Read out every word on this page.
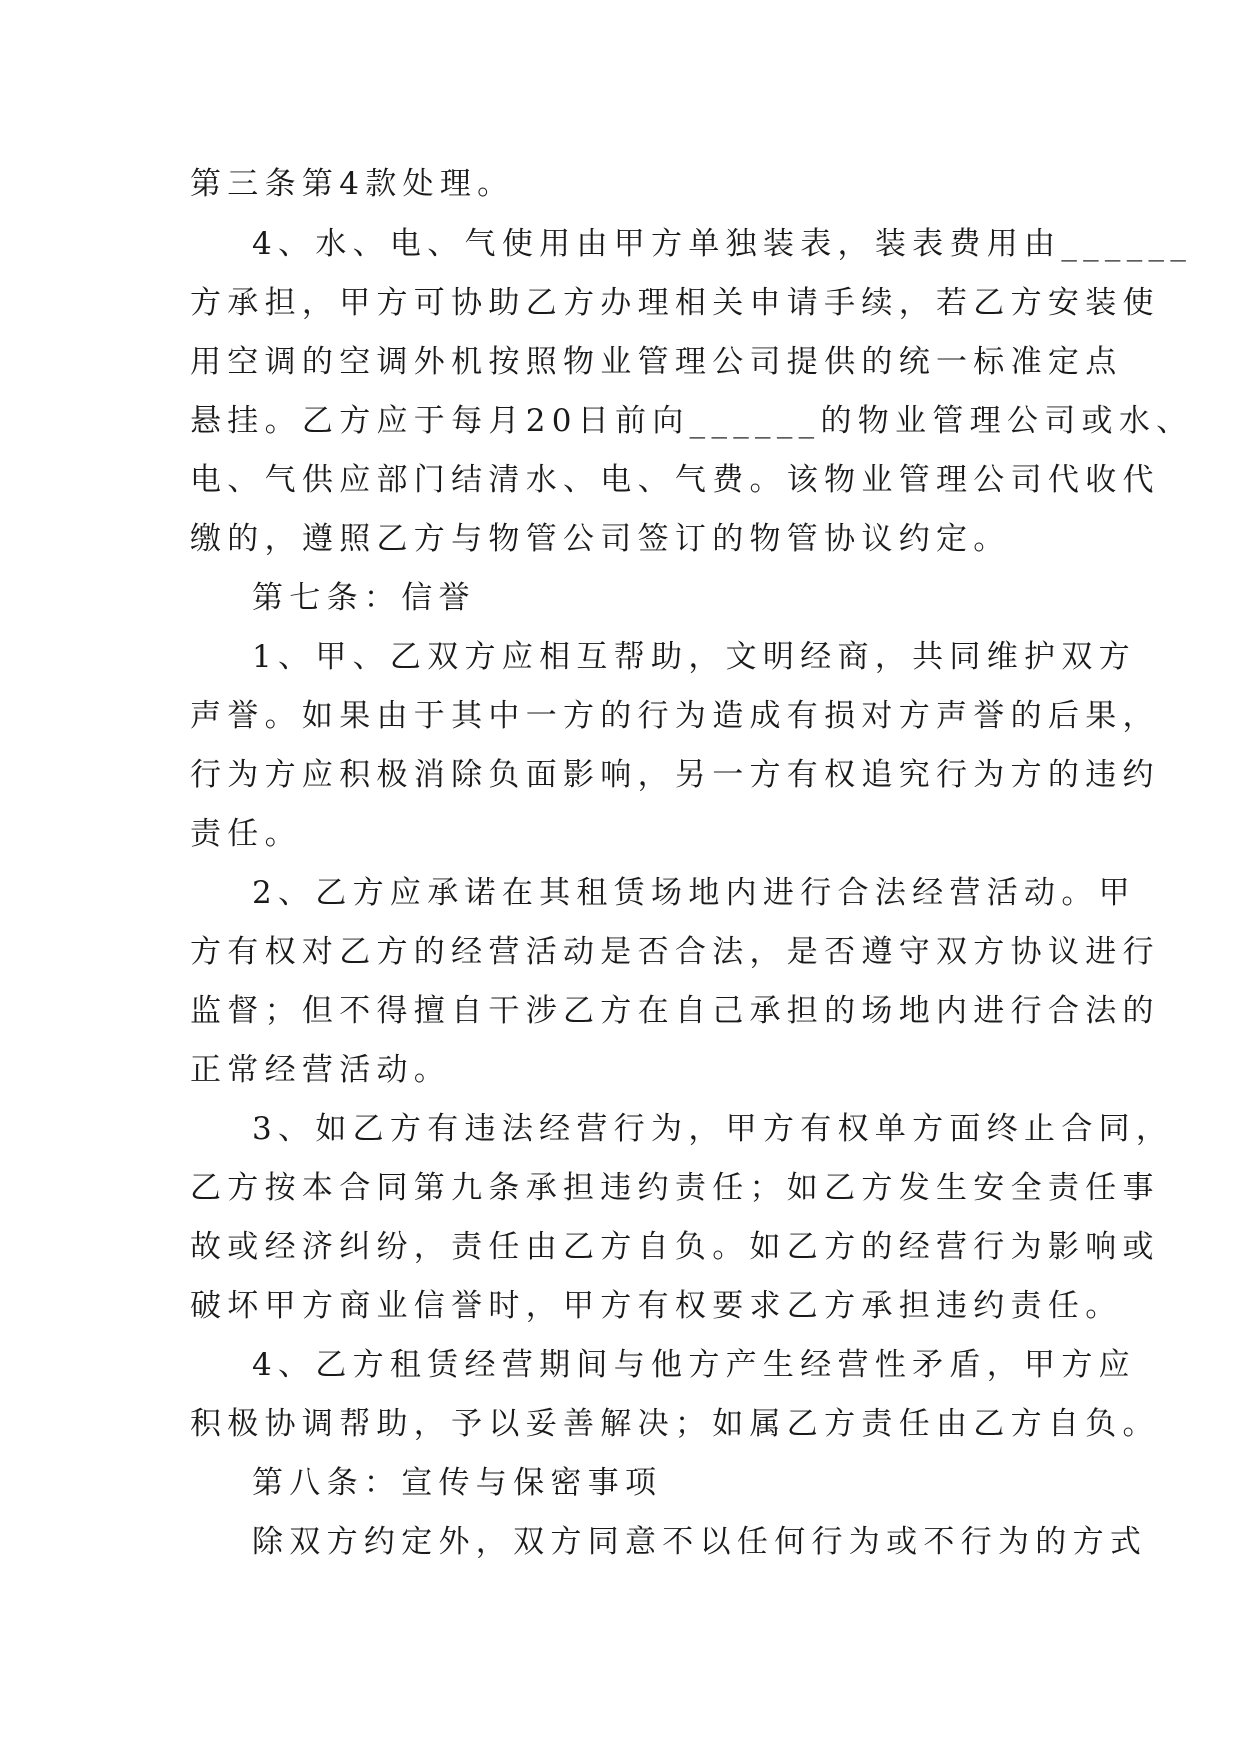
第三条第4款处理。
4、水、电、气使用由甲方单独装表，装表费用由______
方承担，甲方可协助乙方办理相关申请手续，若乙方安装使
用空调的空调外机按照物业管理公司提供的统一标准定点
悬挂。乙方应于每月20日前向______的物业管理公司或水、
电、气供应部门结清水、电、气费。该物业管理公司代收代
缴的，遵照乙方与物管公司签订的物管协议约定。
第七条：信誉
1、甲、乙双方应相互帮助，文明经商，共同维护双方
声誉。如果由于其中一方的行为造成有损对方声誉的后果，
行为方应积极消除负面影响，另一方有权追究行为方的违约
责任。
2、乙方应承诺在其租赁场地内进行合法经营活动。甲
方有权对乙方的经营活动是否合法，是否遵守双方协议进行
监督；但不得擅自干涉乙方在自己承担的场地内进行合法的
正常经营活动。
3、如乙方有违法经营行为，甲方有权单方面终止合同，
乙方按本合同第九条承担违约责任；如乙方发生安全责任事
故或经济纠纷，责任由乙方自负。如乙方的经营行为影响或
破坏甲方商业信誉时，甲方有权要求乙方承担违约责任。
4、乙方租赁经营期间与他方产生经营性矛盾，甲方应
积极协调帮助，予以妥善解决；如属乙方责任由乙方自负。
第八条：宣传与保密事项
除双方约定外，双方同意不以任何行为或不行为的方式
